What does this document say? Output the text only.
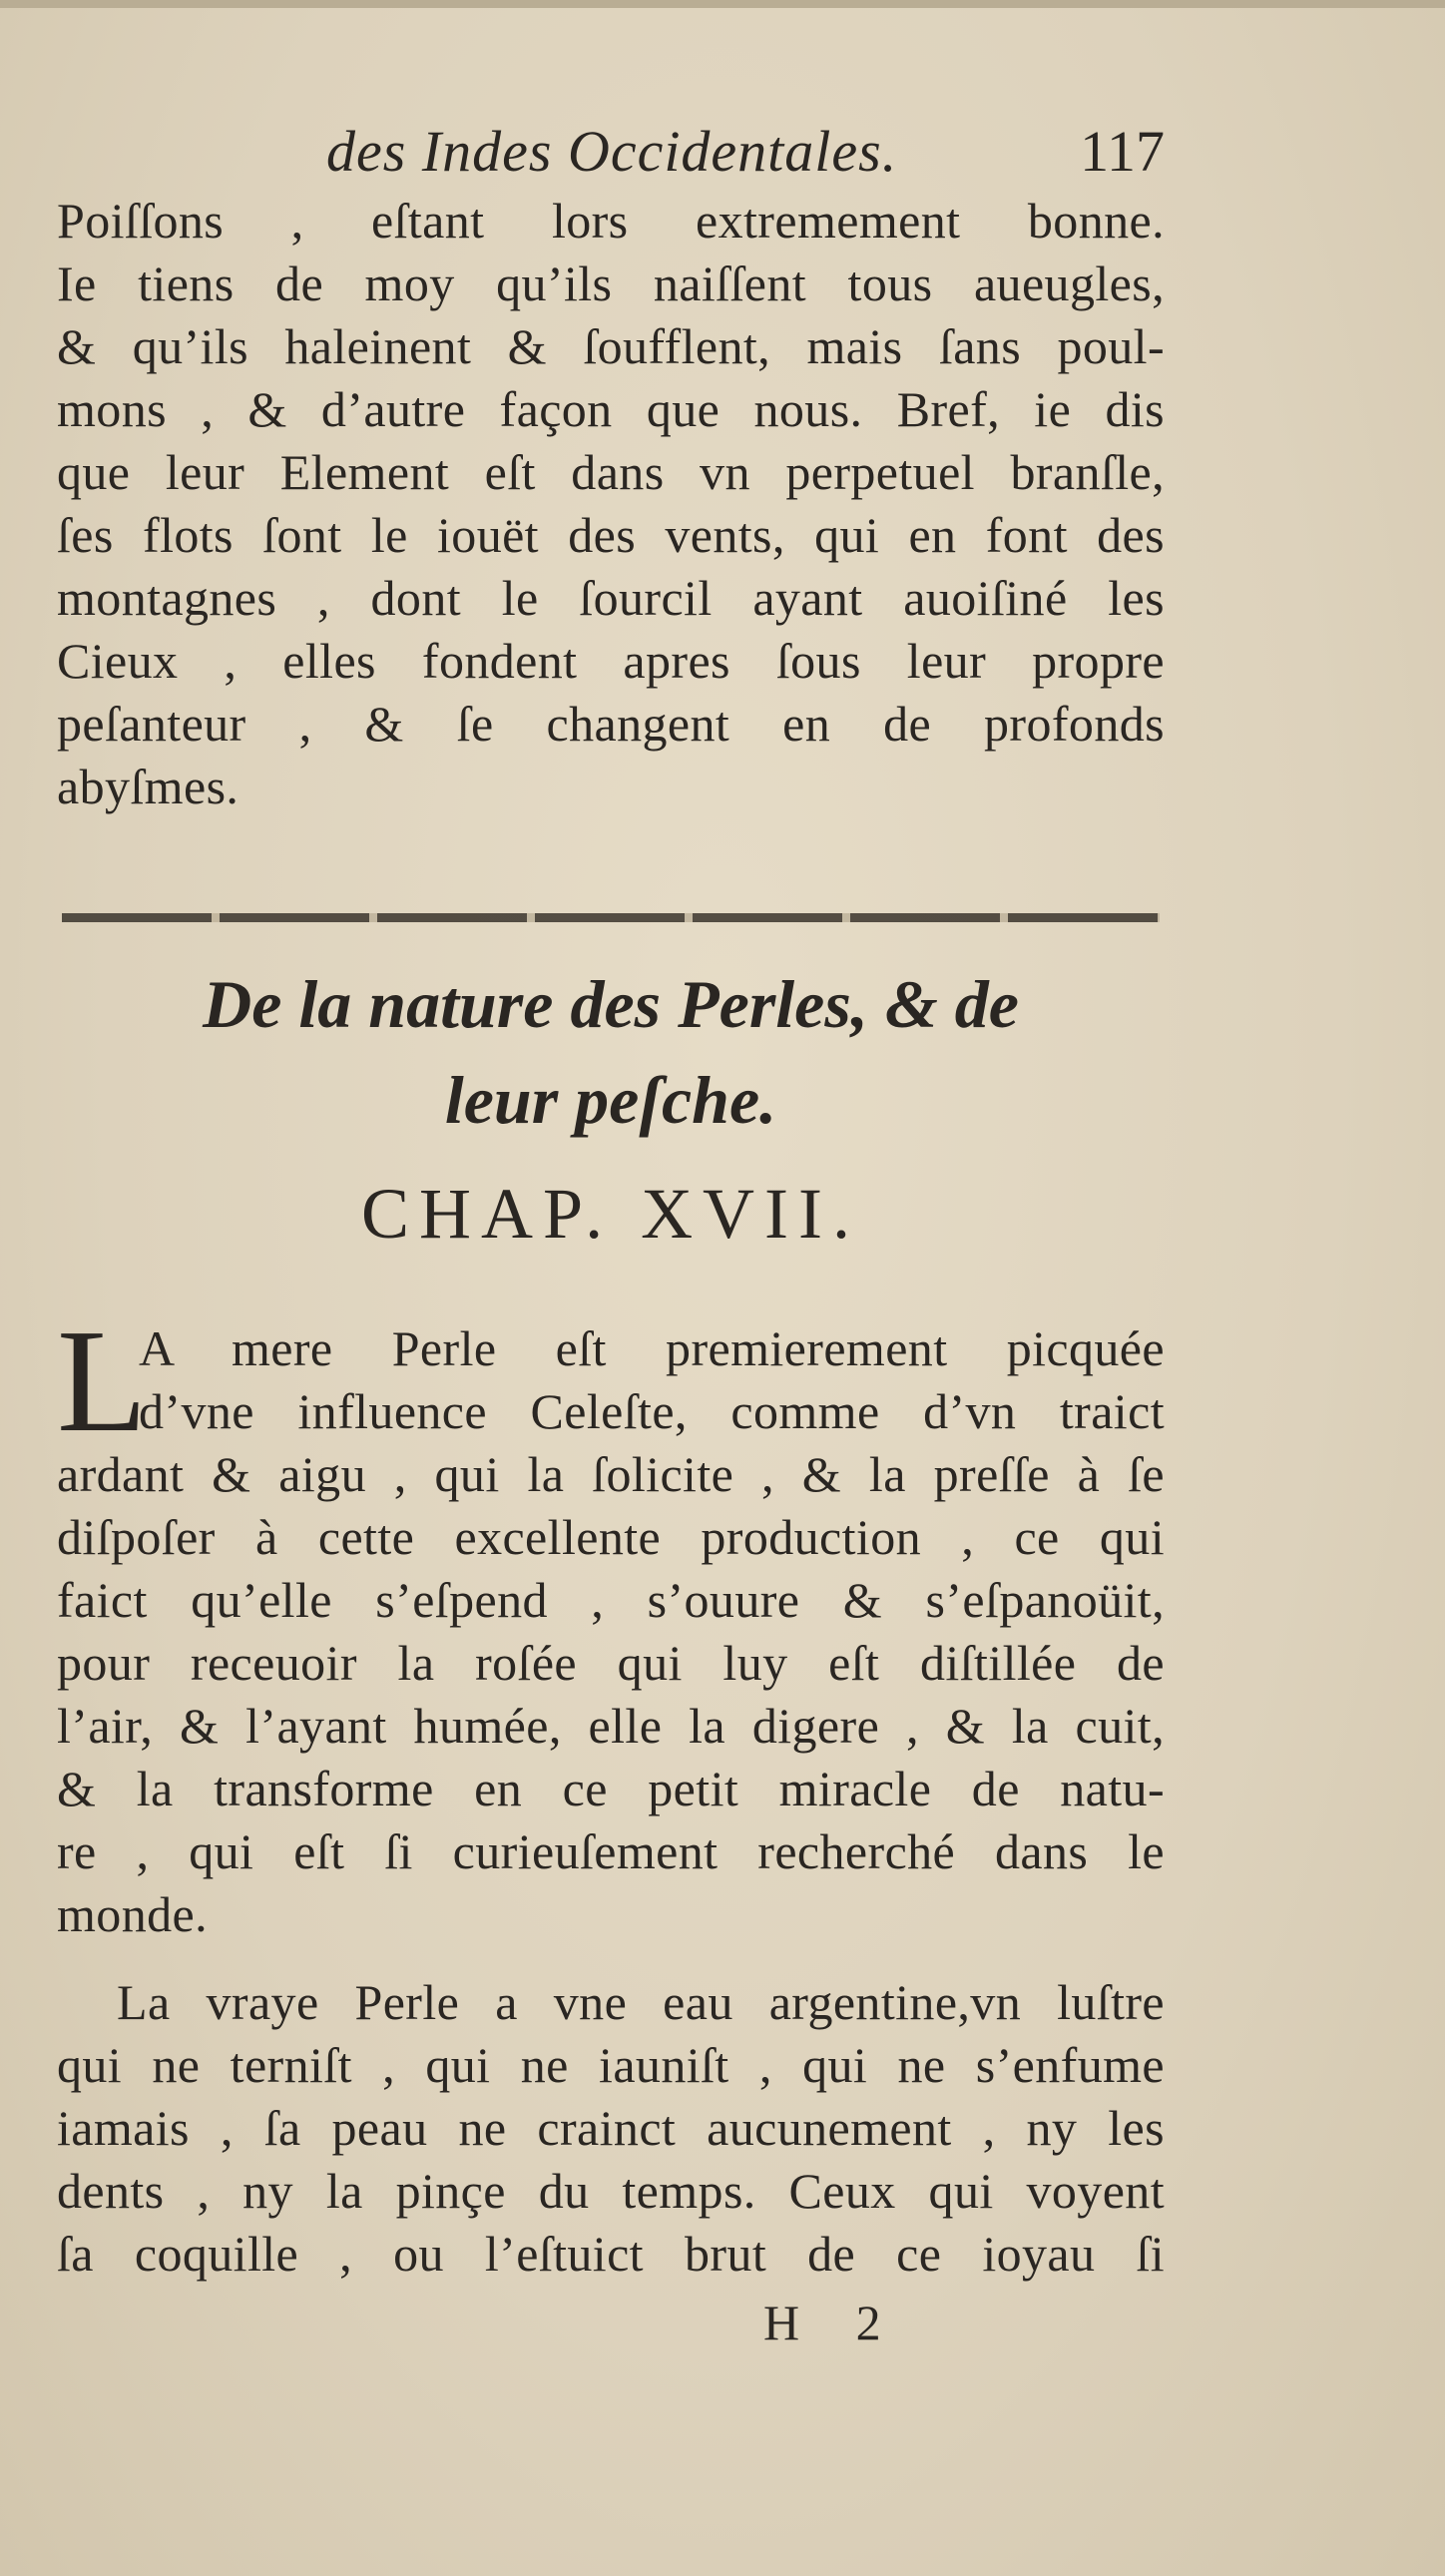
des Indes Occidentales.	117
Poiſſons , eſtant lors extremement bonne.
Ie tiens de moy qu’ils naiſſent tous aueugles,
& qu’ils haleinent & ſoufflent, mais ſans poul-
mons , & d’autre façon que nous. Bref, ie dis
que leur Element eſt dans vn perpetuel branſle,
ſes flots ſont le iouët des vents, qui en font des
montagnes , dont le ſourcil ayant auoiſiné les
Cieux , elles fondent apres ſous leur propre
peſanteur , & ſe changent en de profonds
abyſmes.
De la nature des Perles, & de
leur peſche.
CHAP. XVII.
L
A mere Perle eſt premierement picquée
d’vne influence Celeſte, comme d’vn traict
ardant & aigu , qui la ſolicite , & la preſſe à ſe
diſpoſer à cette excellente production , ce qui
faict qu’elle s’eſpend , s’ouure & s’eſpanoüit,
pour receuoir la roſée qui luy eſt diſtillée de
l’air, & l’ayant humée, elle la digere , & la cuit,
& la transforme en ce petit miracle de natu-
re , qui eſt ſi curieuſement recherché dans le
monde.
La vraye Perle a vne eau argentine,vn luſtre
qui ne terniſt , qui ne iauniſt , qui ne s’enfume
iamais , ſa peau ne crainct aucunement , ny les
dents , ny la pinçe du temps. Ceux qui voyent
ſa coquille , ou l’eſtuict brut de ce ioyau ſi
H 2
